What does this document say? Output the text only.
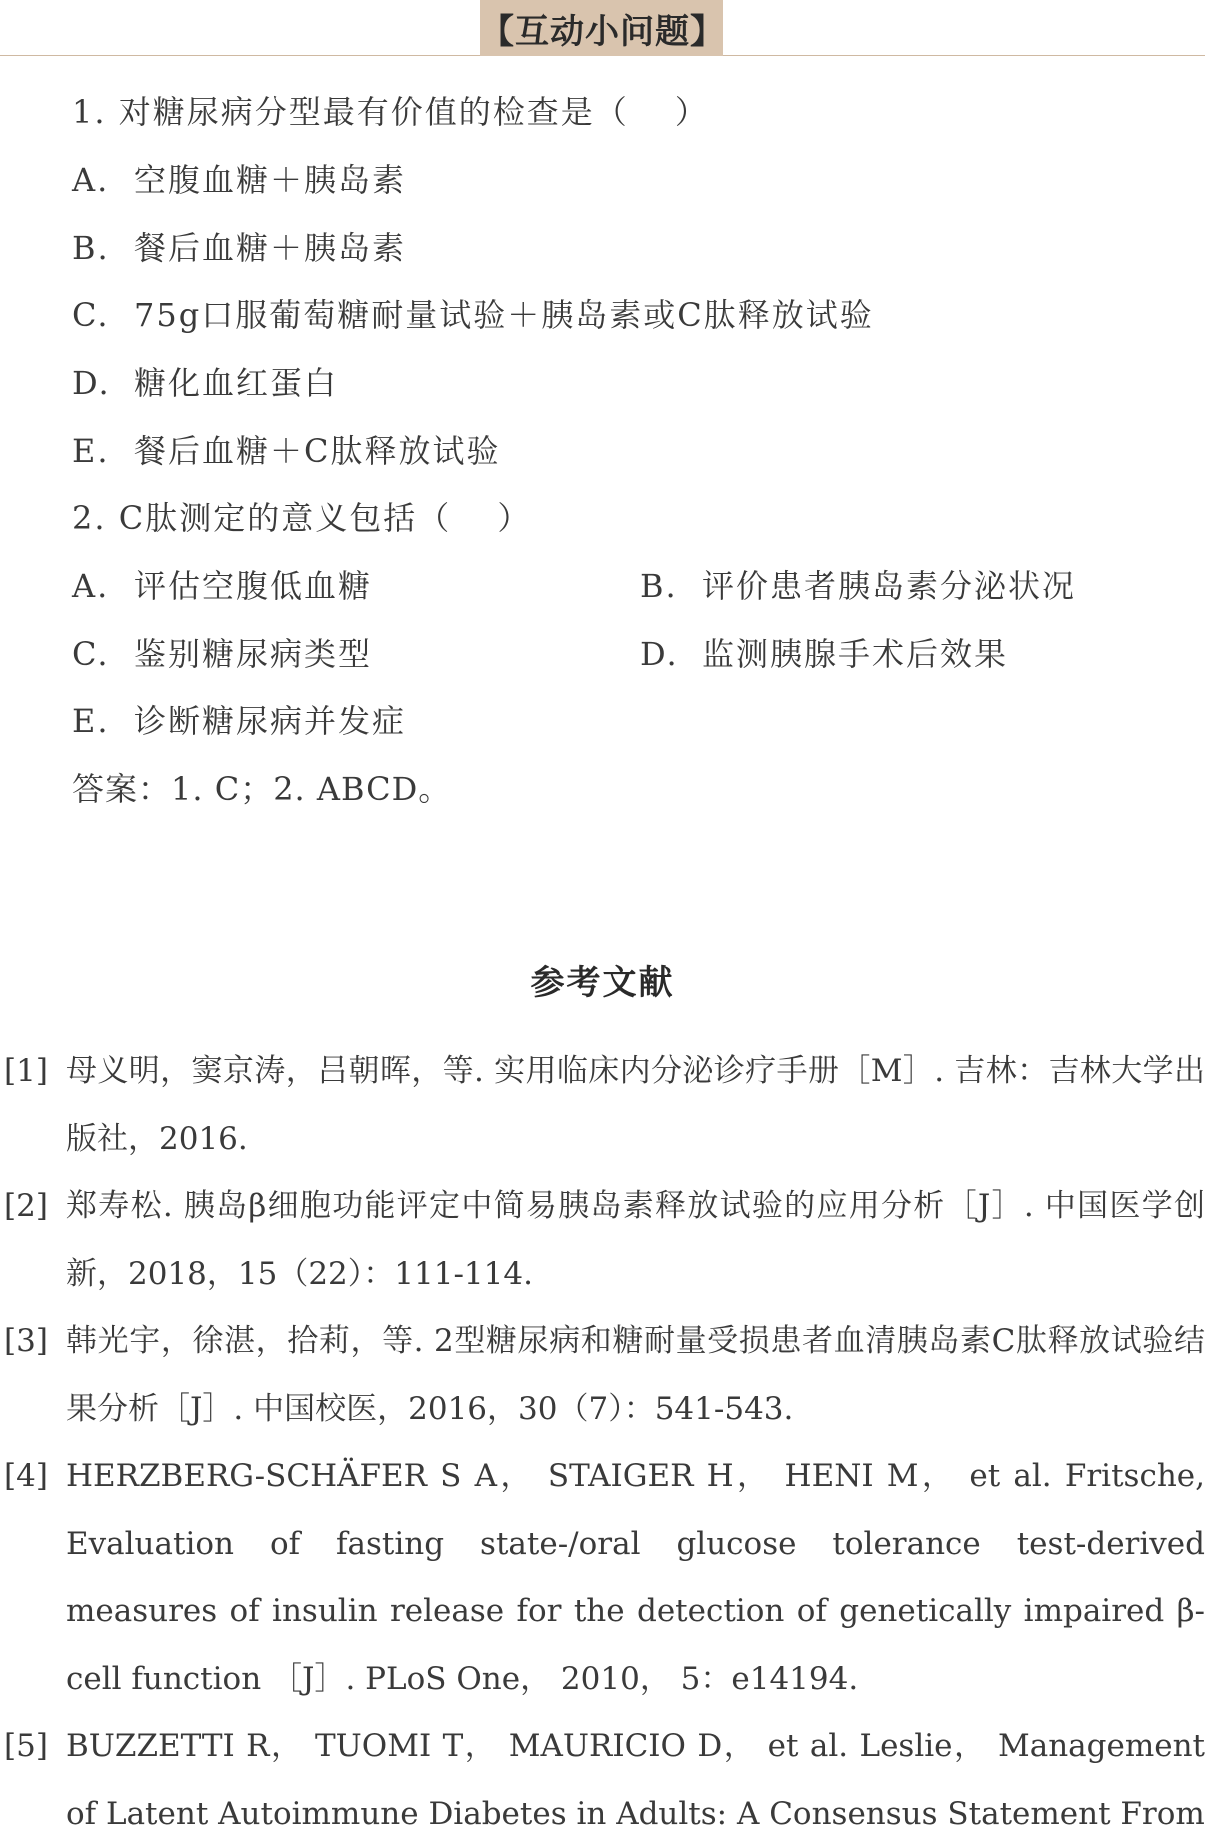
【互动小问题】
1. 对糖尿病分型最有价值的检查是（　 ）
A. 空腹血糖＋胰岛素
B. 餐后血糖＋胰岛素
C. 75g口服葡萄糖耐量试验＋胰岛素或C肽释放试验
D. 糖化血红蛋白
E. 餐后血糖＋C肽释放试验
2. C肽测定的意义包括（　 ）
A. 评估空腹低血糖	B. 评价患者胰岛素分泌状况
C. 鉴别糖尿病类型	D. 监测胰腺手术后效果
E. 诊断糖尿病并发症
答案：1. C；2. ABCD。
参考文献
[1] 母义明，窦京涛，吕朝晖，等. 实用临床内分泌诊疗手册［M］. 吉林：吉林大学出版社，2016.
[2] 郑寿松. 胰岛β细胞功能评定中简易胰岛素释放试验的应用分析［J］. 中国医学创新，2018，15（22）：111-114.
[3] 韩光宇，徐湛，拾莉，等. 2型糖尿病和糖耐量受损患者血清胰岛素C肽释放试验结果分析［J］. 中国校医，2016，30（7）：541-543.
[4] HERZBERG-SCHÄFER S A， STAIGER H， HENI M， et al. Fritsche, Evaluation of fasting state-/oral glucose tolerance test-derived measures of insulin release for the detection of genetically impaired β-cell function ［J］. PLoS One， 2010， 5：e14194.
[5] BUZZETTI R， TUOMI T， MAURICIO D， et al. Leslie， Management of Latent Autoimmune Diabetes in Adults: A Consensus Statement From
